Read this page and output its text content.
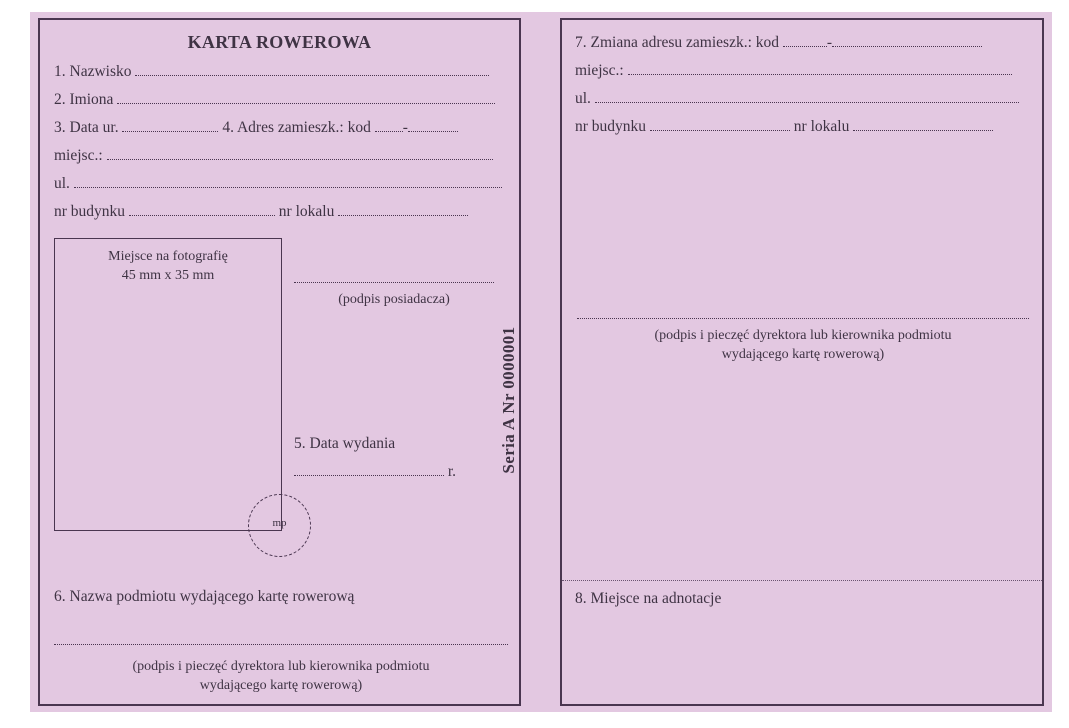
KARTA ROWEROWA
1. Nazwisko
2. Imiona
3. Data ur.	4. Adres zamieszk.: kod -
miejsc.:
ul.
nr budynku	nr lokalu
Miejsce na fotografię
45 mm x 35 mm
mp
(podpis posiadacza)
5. Data wydania
r.	Seria A Nr 0000001
6. Nazwa podmiotu wydającego kartę rowerową
(podpis i pieczęć dyrektora lub kierownika podmiotu
wydającego kartę rowerową)
7. Zmiana adresu zamieszk.: kod	-
miejsc.:
ul.
nr budynku	nr lokalu
(podpis i pieczęć dyrektora lub kierownika podmiotu
wydającego kartę rowerową)
8. Miejsce na adnotacje
